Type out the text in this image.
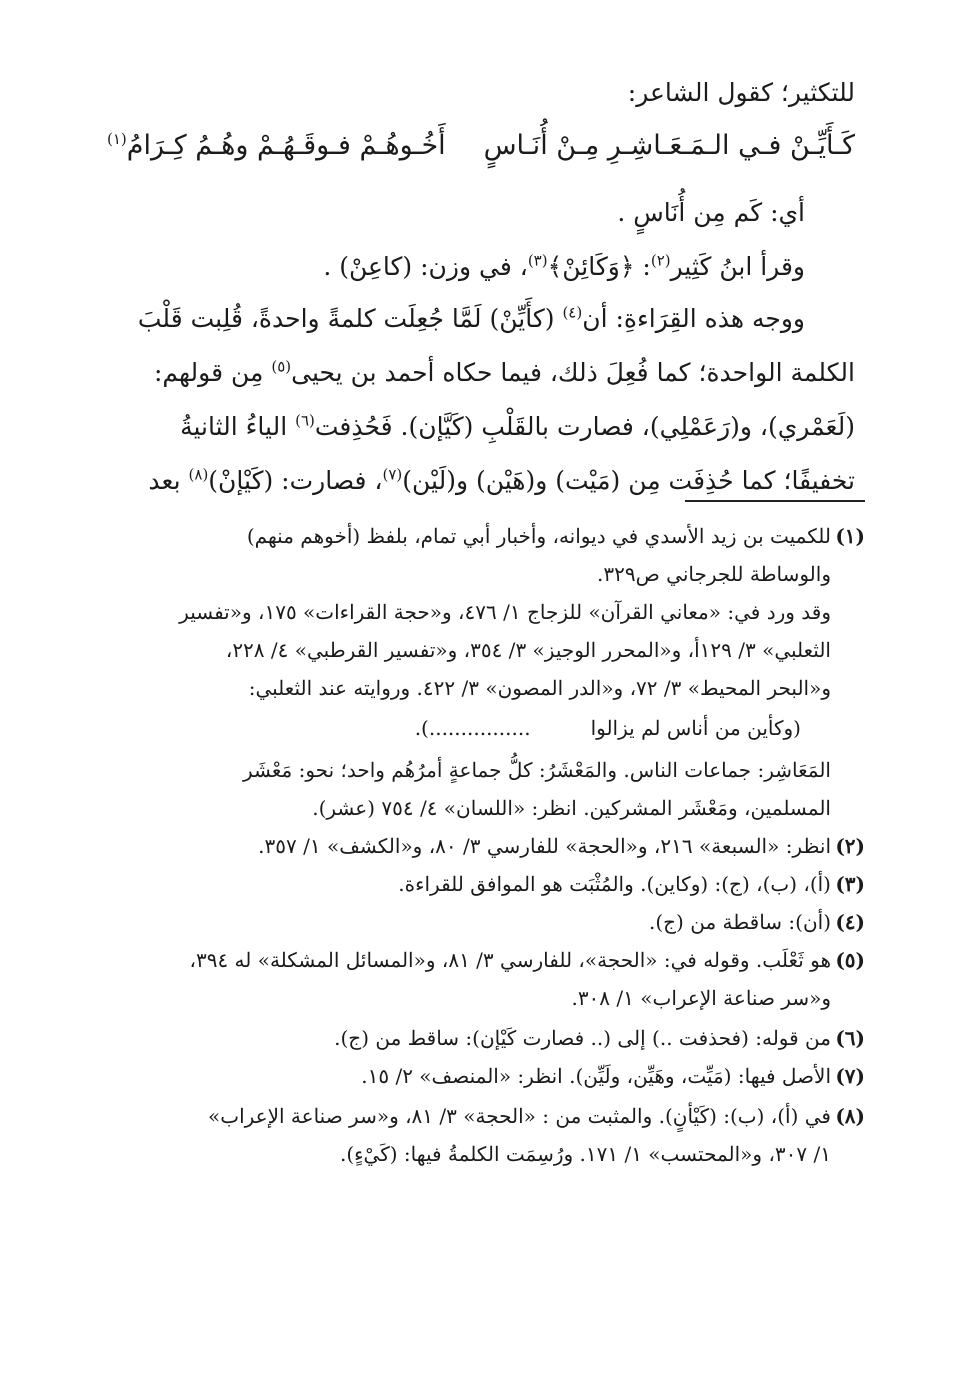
للتكثير؛ كقول الشاعر:
كَـأَيِّـنْ فـي الـمَـعَـاشِـرِ مِـنْ أُنَـاسٍ
أَخُـوهُـمْ فـوقَـهُـمْ وهُـمُ كِـرَامُ$^{(١)}$
أي: كَم مِن أُنَاسٍ .
وقرأ ابنُ كَثِير$^{(٢)}$: ﴿وَكَائِنْ﴾$^{(٣)}$، في وزن: (كاعِنْ) .
ووجه هذه القِرَاءةِ: أن$^{(٤)}$ (كأَيِّنْ) لَمَّا جُعِلَت كلمةً واحدةً، قُلِبت قَلْبَ
الكلمة الواحدة؛ كما فُعِلَ ذلك، فيما حكاه أحمد بن يحيى$^{(٥)}$ مِن قولهم:
(لَعَمْري)، و(رَعَمْلِي)، فصارت بالقَلْبِ (كَيَّإن). فَحُذِفت$^{(٦)}$ الياءُ الثانيةُ
تخفيفًا؛ كما حُذِفَت مِن (مَيْت) و(هَيْن) و(لَيْن)$^{(٧)}$، فصارت: (كَيْإنْ)$^{(٨)}$ بعد
(١)للكميت بن زيد الأسدي في ديوانه، وأخبار أبي تمام، بلفظ (أخوهم منهم)
والوساطة للجرجاني ص٣٢٩.
وقد ورد في: «معاني القرآن» للزجاج ١/ ٤٧٦، و«حجة القراءات» ١٧٥، و«تفسير
الثعلبي» ٣/ ١٢٩أ، و«المحرر الوجيز» ٣/ ٣٥٤، و«تفسير القرطبي» ٤/ ٢٢٨،
و«البحر المحيط» ٣/ ٧٢، و«الدر المصون» ٣/ ٤٢٢. وروايته عند الثعلبي:
(وكأين من أناس لم يزالوا................).
المَعَاشِر: جماعات الناس. والمَعْشَرُ: كلُّ جماعةٍ أمرُهُم واحد؛ نحو: مَعْشَر
المسلمين، ومَعْشَر المشركين. انظر: «اللسان» ٤/ ٧٥٤ (عشر).
(٢)انظر: «السبعة» ٢١٦، و«الحجة» للفارسي ٣/ ٨٠، و«الكشف» ١/ ٣٥٧.
(٣)(أ)، (ب)، (ج): (وكاين). والمُثْبَت هو الموافق للقراءة.
(٤)(أن): ساقطة من (ج).
(٥)هو ثَعْلَب. وقوله في: «الحجة»، للفارسي ٣/ ٨١، و«المسائل المشكلة» له ٣٩٤،
و«سر صناعة الإعراب» ١/ ٣٠٨.
(٦)من قوله: (فحذفت ..) إلى (.. فصارت كَيْإن): ساقط من (ج).
(٧)الأصل فيها: (مَيِّت، وهَيِّن، ولَيِّن). انظر: «المنصف» ٢/ ١٥.
(٨)في (أ)، (ب): (كَيْأنٍ). والمثبت من : «الحجة» ٣/ ٨١، و«سر صناعة الإعراب»
١/ ٣٠٧، و«المحتسب» ١/ ١٧١. ورُسِمَت الكلمةُ فيها: (كَيْءٍ).
